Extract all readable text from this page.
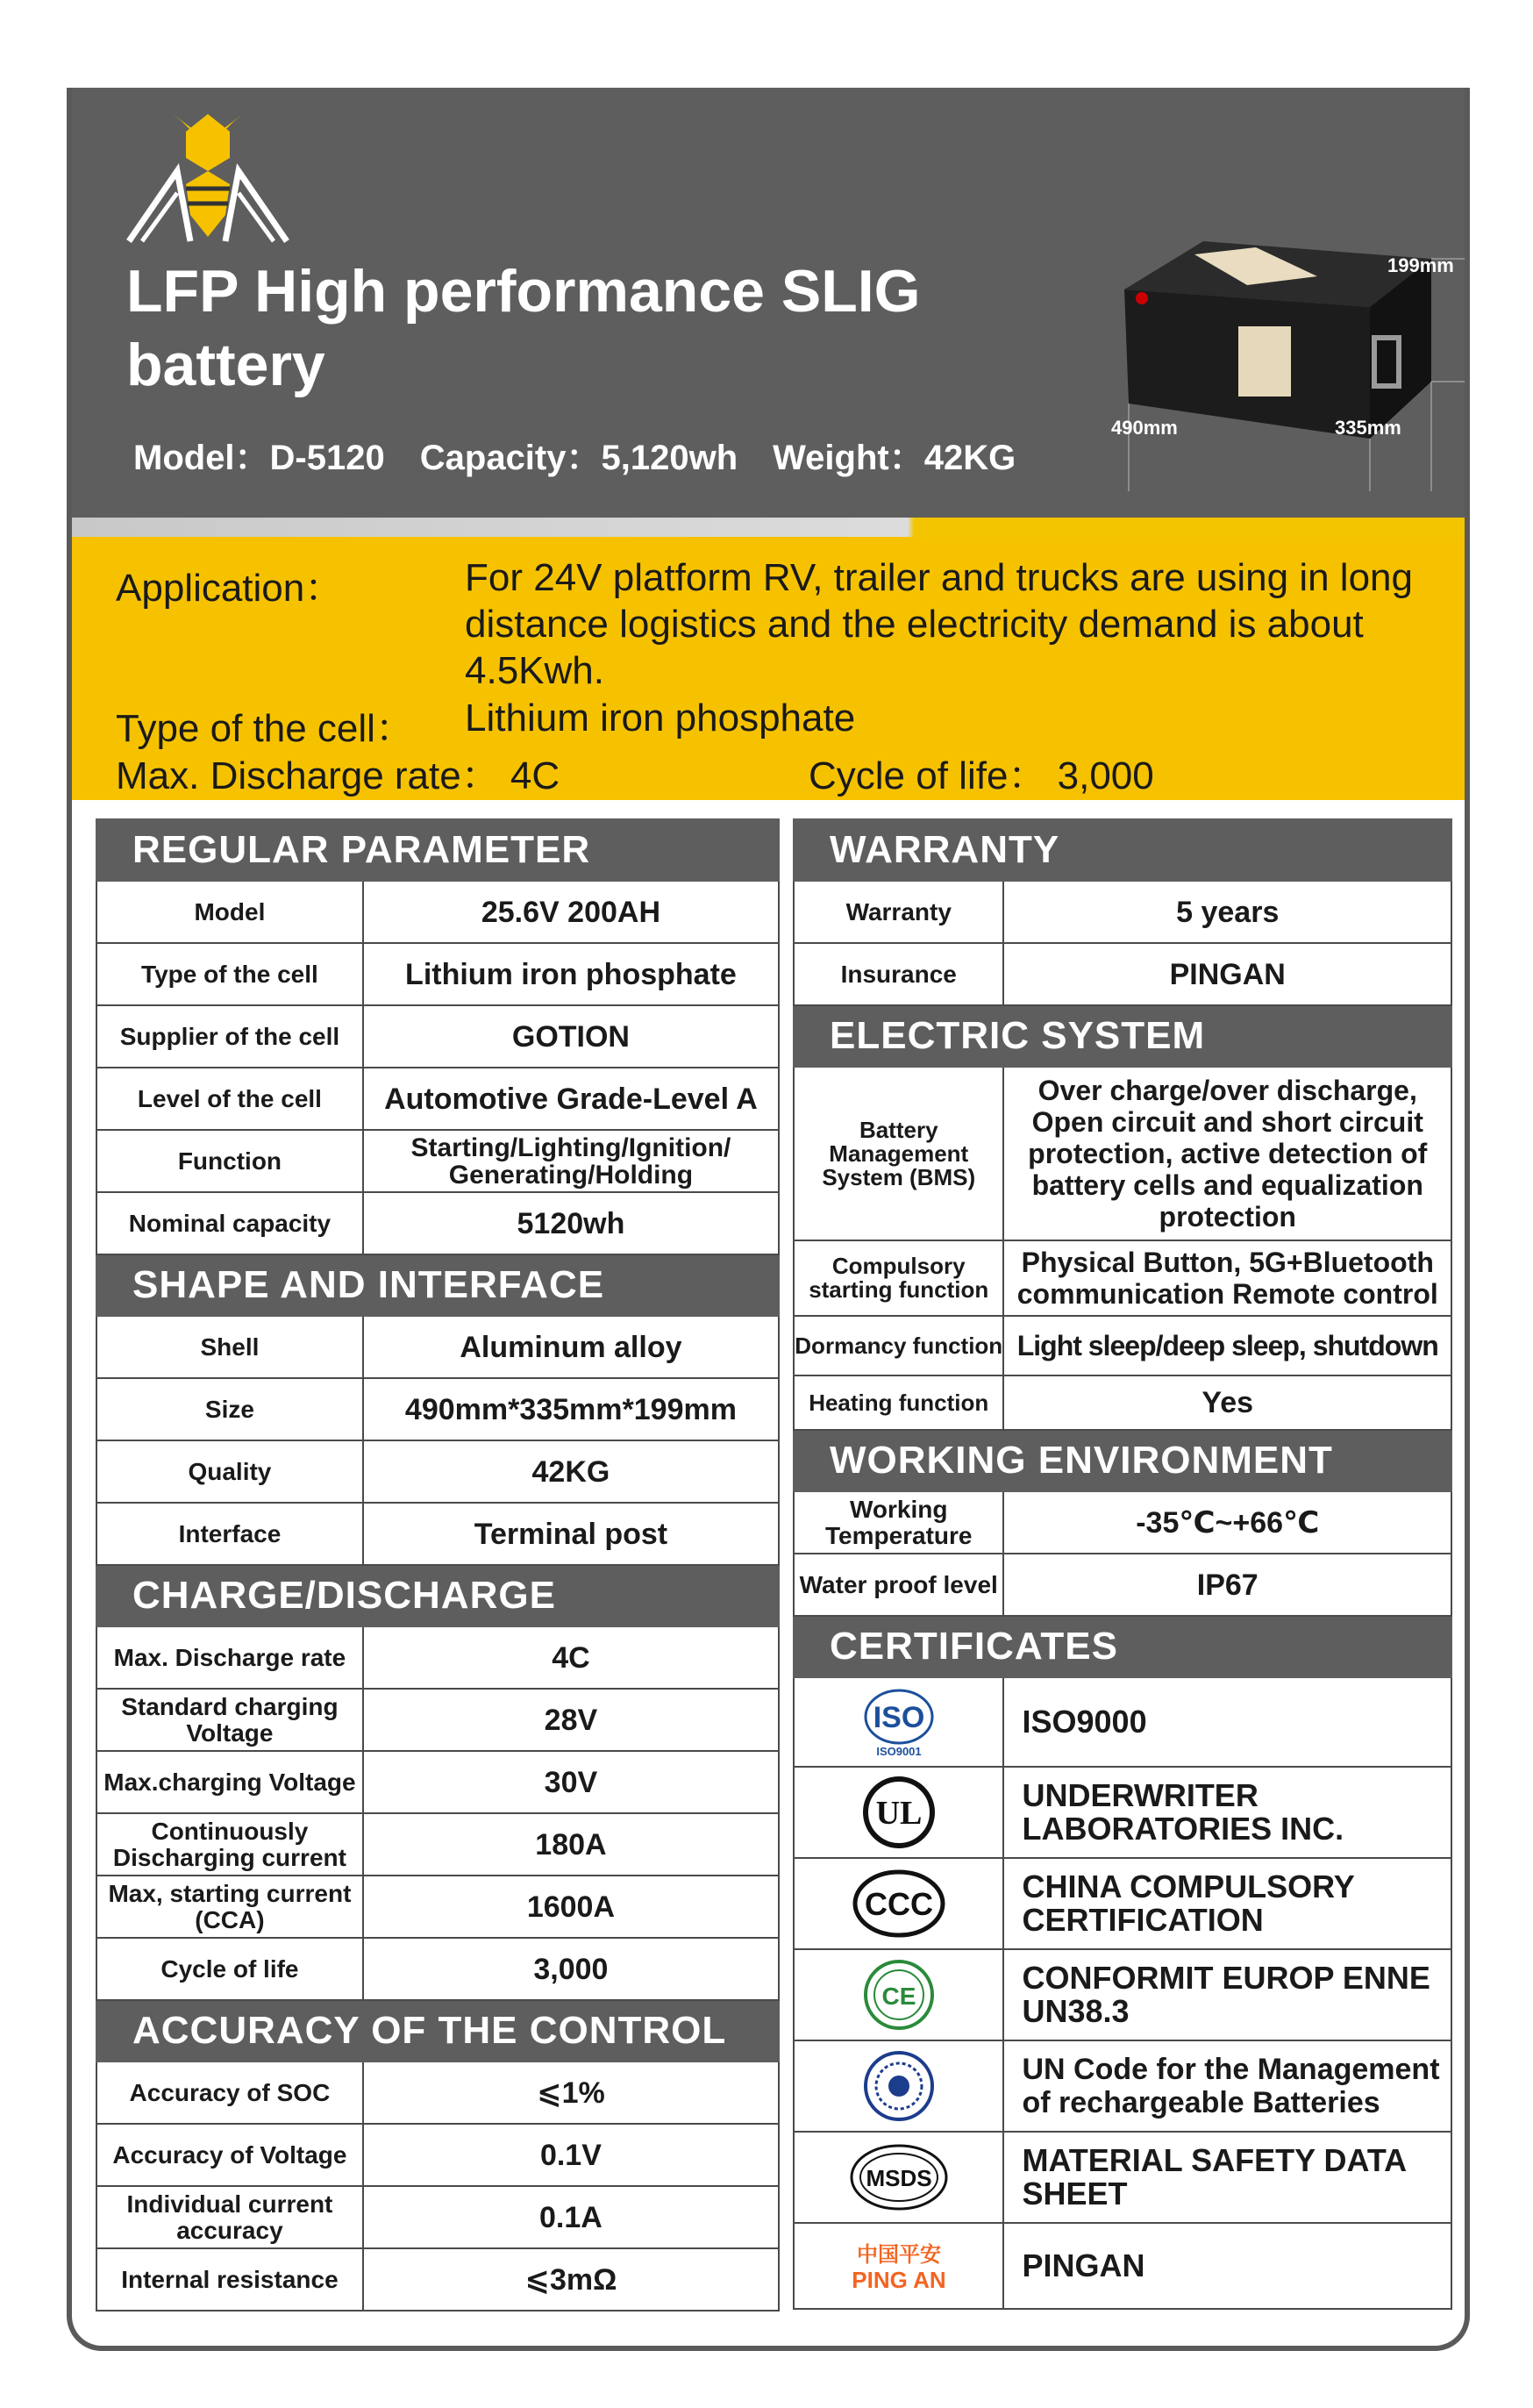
LFP High performance SLIG battery
Model：D-5120 Capacity：5,120wh Weight：42KG
199mm
490mm	335mm
Application：	For 24V platform RV, trailer and trucks are using in long distance logistics and the electricity demand is about 4.5Kwh.
Type of the cell： Lithium iron phosphate
Max. Discharge rate： 4C	Cycle of life： 3,000
REGULAR PARAMETER	
Model	25.6V 200AH
Type of the cell	Lithium iron phosphate
Supplier of the cell	GOTION
Level of the cell	Automotive Grade-Level A
Function	Starting/Lighting/Ignition/ Generating/Holding
Nominal capacity	5120wh
SHAPE AND INTERFACE	
Shell	Aluminum alloy
Size	490mm*335mm*199mm
Quality	42KG
Interface	Terminal post
CHARGE/DISCHARGE	
Max. Discharge rate	4C
Standard charging Voltage	28V
Max.charging Voltage	30V
Continuously Discharging current	180A
Max, starting current (CCA)	1600A
Cycle of life	3,000
ACCURACY OF THE CONTROL	
Accuracy of SOC	⩽1%
Accuracy of Voltage	0.1V
Individual current accuracy	0.1A
Internal resistance	⩽3mΩ
WARRANTY	
Warranty	5 years
Insurance	PINGAN
ELECTRIC SYSTEM	
Battery Management System (BMS)	Over charge/over discharge, Open circuit and short circuit protection, active detection of battery cells and equalization protection
Compulsory starting function	Physical Button, 5G+Bluetooth communication Remote control
Dormancy function	Light sleep/deep sleep, shutdown
Heating function	Yes
WORKING ENVIRONMENT	
Working Temperature	-35℃~+66℃
Water proof level	IP67
CERTIFICATES	

ISO
ISO9001	ISO9000

UL	UNDERWRITER LABORATORIES INC.

CCC	CHINA COMPULSORY CERTIFICATION

CE	CONFORMIT EUROP ENNE UN38.3

	UN Code for the Management of rechargeable Batteries

MSDS	MATERIAL SAFETY DATA SHEET

中国平安
PING AN	PINGAN
